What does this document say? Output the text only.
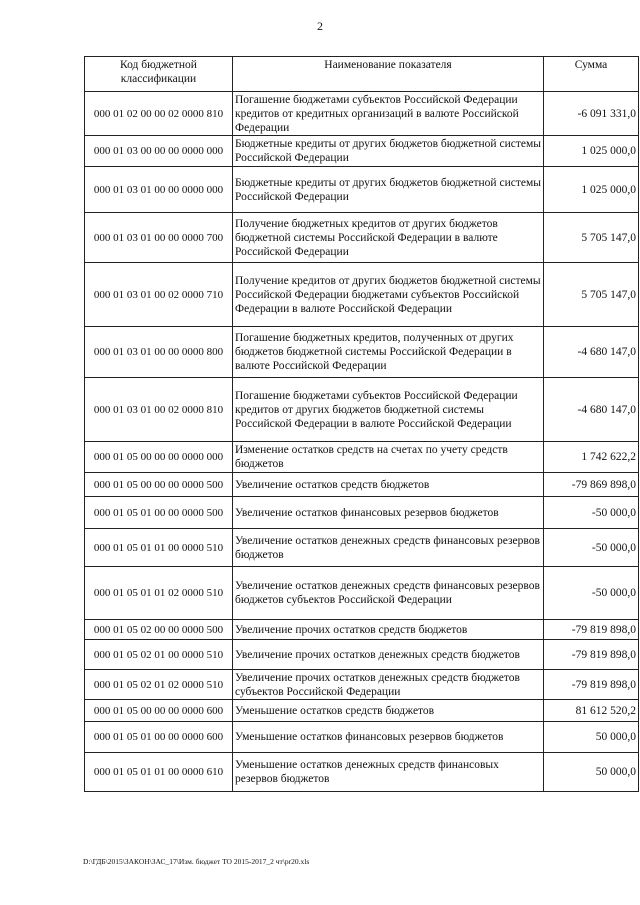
2
Код бюджетной классификации	Наименование показателя	Сумма
000 01 02 00 00 02 0000 810	Погашение бюджетами субъектов Российской Федерации кредитов от кредитных организаций в валюте Российской Федерации	-6 091 331,0
000 01 03 00 00 00 0000 000	Бюджетные кредиты от других бюджетов бюджетной системы Российской Федерации	1 025 000,0
000 01 03 01 00 00 0000 000	Бюджетные кредиты от других бюджетов бюджетной системы Российской Федерации	1 025 000,0
000 01 03 01 00 00 0000 700	Получение бюджетных кредитов от других бюджетов бюджетной системы Российской Федерации в валюте Российской Федерации	5 705 147,0
000 01 03 01 00 02 0000 710	Получение кредитов от других бюджетов бюджетной системы Российской Федерации бюджетами субъектов Российской Федерации в валюте Российской Федерации	5 705 147,0
000 01 03 01 00 00 0000 800	Погашение бюджетных кредитов, полученных от других бюджетов бюджетной системы Российской Федерации в валюте Российской Федерации	-4 680 147,0
000 01 03 01 00 02 0000 810	Погашение бюджетами субъектов Российской Федерации кредитов от других бюджетов бюджетной системы Российской Федерации в валюте Российской Федерации	-4 680 147,0
000 01 05 00 00 00 0000 000	Изменение остатков средств на счетах по учету средств бюджетов	1 742 622,2
000 01 05 00 00 00 0000 500	Увеличение остатков средств бюджетов	-79 869 898,0
000 01 05 01 00 00 0000 500	Увеличение остатков финансовых резервов бюджетов	-50 000,0
000 01 05 01 01 00 0000 510	Увеличение остатков денежных средств финансовых резервов бюджетов	-50 000,0
000 01 05 01 01 02 0000 510	Увеличение остатков денежных средств финансовых резервов бюджетов субъектов Российской Федерации	-50 000,0
000 01 05 02 00 00 0000 500	Увеличение прочих остатков средств бюджетов	-79 819 898,0
000 01 05 02 01 00 0000 510	Увеличение прочих остатков денежных средств бюджетов	-79 819 898,0
000 01 05 02 01 02 0000 510	Увеличение прочих остатков денежных средств бюджетов субъектов Российской Федерации	-79 819 898,0
000 01 05 00 00 00 0000 600	Уменьшение остатков средств бюджетов	81 612 520,2
000 01 05 01 00 00 0000 600	Уменьшение остатков финансовых резервов бюджетов	50 000,0
000 01 05 01 01 00 0000 610	Уменьшение остатков денежных средств финансовых резервов бюджетов	50 000,0
D:\ГДБ\2015\ЗАКОН\ЗАС_17\Изм. бюджет ТО 2015-2017_2 чт\pr20.xls
